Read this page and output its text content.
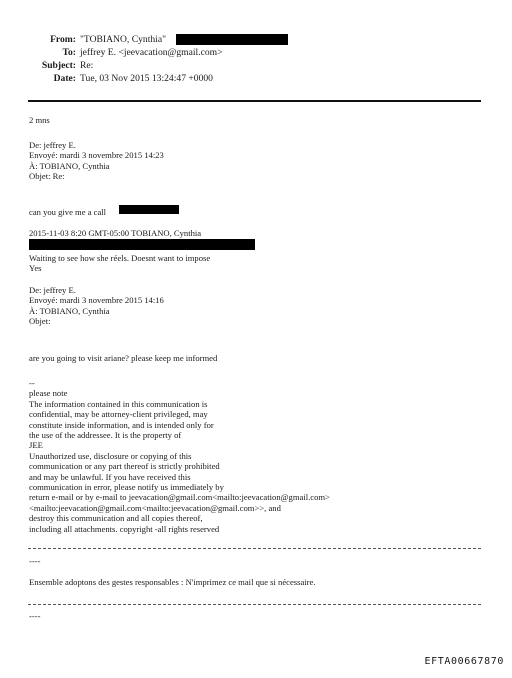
From: "TOBIANO, Cynthia"
To: jeffrey E. <jeevacation@gmail.com>
Subject: Re:
Date: Tue, 03 Nov 2015 13:24:47 +0000
2 mns
De: jeffrey E.
Envoyé: mardi 3 novembre 2015 14:23
À: TOBIANO, Cynthia
Objet: Re:
can you give me a call
2015-11-03 8:20 GMT-05:00 TOBIANO, Cynthia
Waiting to see how she réels. Doesnt want to impose
Yes
De: jeffrey E.
Envoyé: mardi 3 novembre 2015 14:16
À: TOBIANO, Cynthia
Objet:
are you going to visit ariane? please keep me informed
--
please note
The information contained in this communication is
confidential, may be attorney-client privileged, may
constitute inside information, and is intended only for
the use of the addressee. It is the property of
JEE
Unauthorized use, disclosure or copying of this
communication or any part thereof is strictly prohibited
and may be unlawful. If you have received this
communication in error, please notify us immediately by
return e-mail or by e-mail to jeevacation@gmail.com<mailto:jeevacation@gmail.com>
<mailto:jeevacation@gmail.com<mailto:jeevacation@gmail.com>>, and
destroy this communication and all copies thereof,
including all attachments. copyright -all rights reserved
----
Ensemble adoptons des gestes responsables : N'imprimez ce mail que si nécessaire.
----
EFTA00667870
